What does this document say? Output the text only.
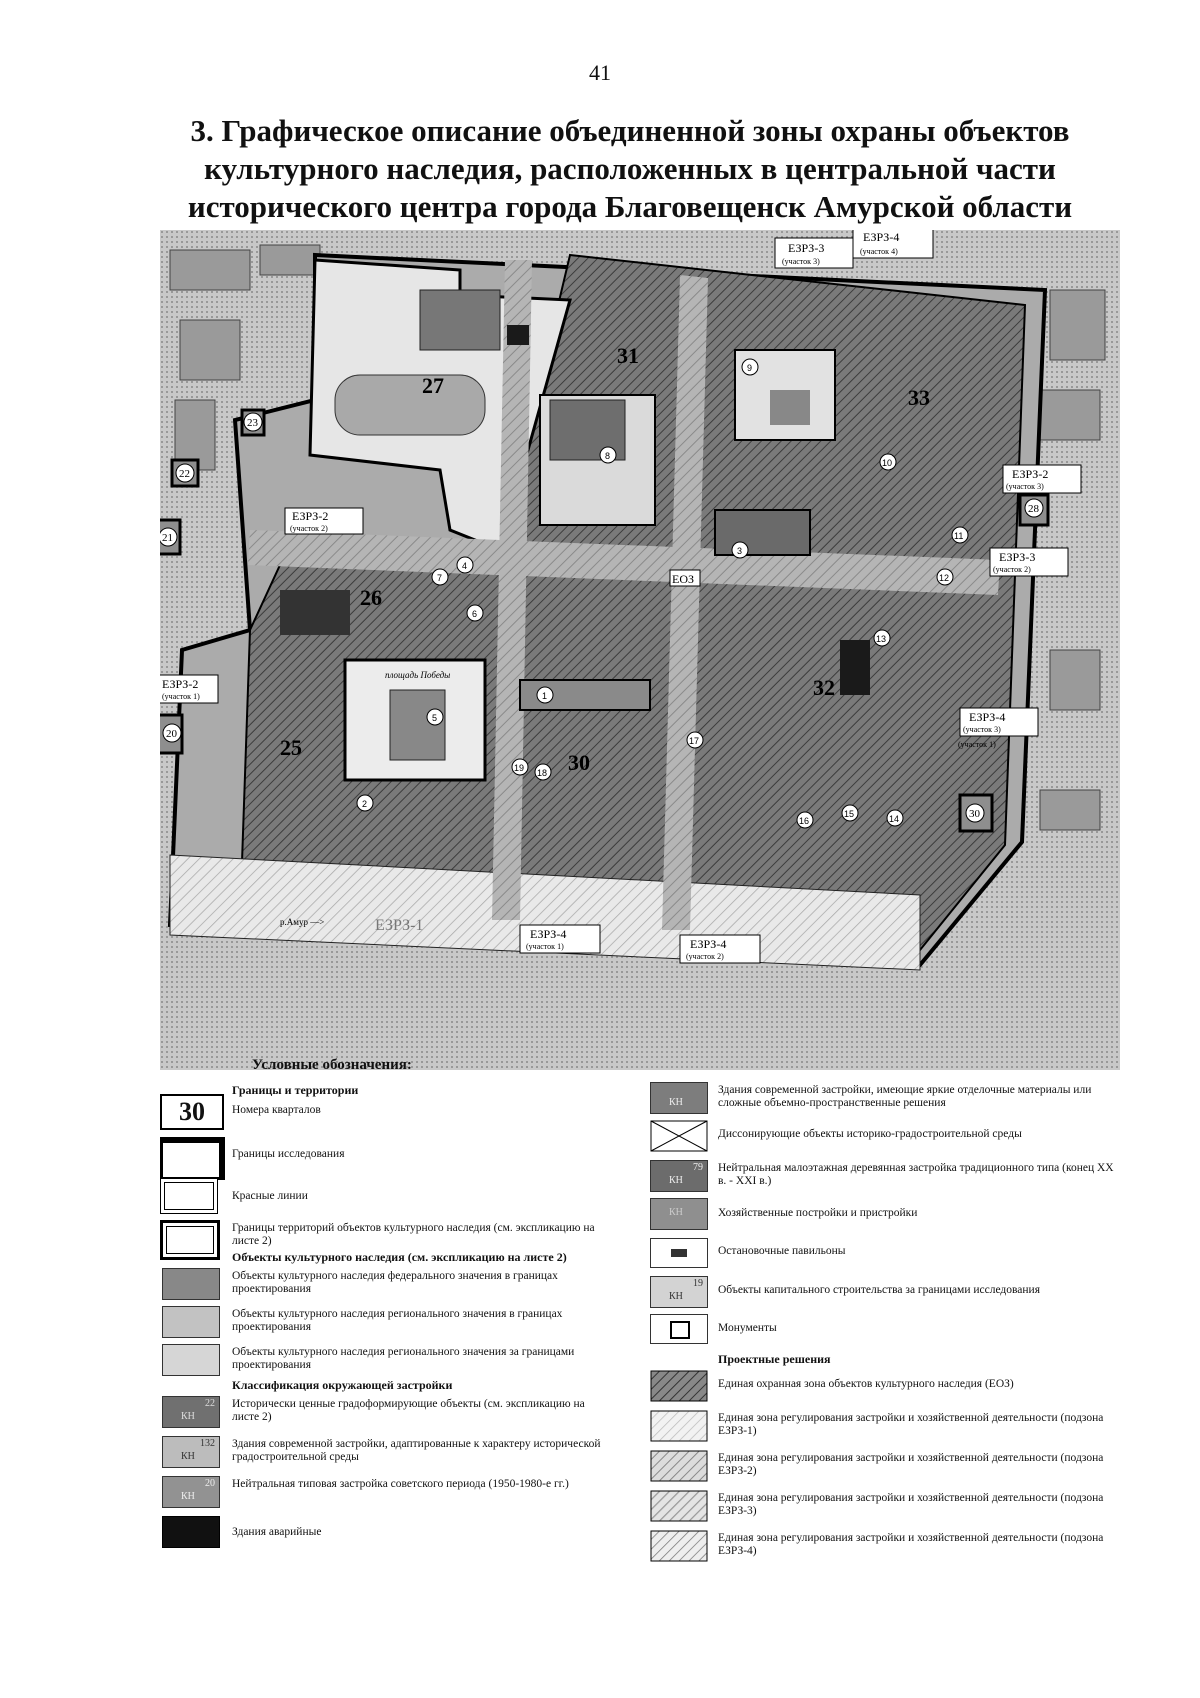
41
3. Графическое описание объединенной зоны охраны объектов
культурного наследия, расположенных в центральной части
исторического центра города Благовещенск Амурской области
27
31
33
26
25
30
32
23
22
21
20
28
30
1
2
3
4
5
6
7
8
9
10
11
12
13
14
15
16
17
18
19
ЕЗРЗ-4
(участок 4)
ЕЗРЗ-3
(участок 3)
ЕЗРЗ-2
(участок 3)
ЕЗРЗ-3
(участок 2)
ЕЗРЗ-4
(участок 3)
(участок 1)
ЕЗРЗ-2
(участок 2)
ЕЗРЗ-2
(участок 1)
ЕОЗ
ЕЗРЗ-1
р.Амур —>
ЕЗРЗ-4
(участок 1)	ЕЗРЗ-4
(участок 2)
площадь Победы
Условные обозначения:
Границы и территории
30	Номера кварталов
Границы исследования
Красные линии
Границы территорий объектов культурного наследия (см. экспликацию на листе 2)
Объекты культурного наследия (см. экспликацию на листе 2)
Объекты культурного наследия федерального значения в границах проектирования
Объекты культурного наследия регионального значения в границах проектирования
Объекты культурного наследия регионального значения за границами проектирования
Классификация окружающей застройки
22
КН
Исторически ценные градоформирующие объекты (см. экспликацию на листе 2)
132
КН
Здания современной застройки, адаптированные к характеру исторической градостроительной среды
20
КН
Нейтральная типовая застройка советского периода (1950-1980-е гг.)
Здания аварийные
КН
Здания современной застройки, имеющие яркие отделочные материалы или сложные объемно-пространственные решения
Диссонирующие объекты историко-градостроительной среды
79
КН
Нейтральная малоэтажная деревянная застройка традиционного типа (конец XX в. - XXI в.)
КН	Хозяйственные постройки и пристройки
Остановочные павильоны
19
КН
Объекты капитального строительства за границами исследования
Монументы
Проектные решения
Единая охранная зона объектов культурного наследия (ЕОЗ)
Единая зона регулирования застройки и хозяйственной деятельности (подзона ЕЗРЗ-1)
Единая зона регулирования застройки и хозяйственной деятельности (подзона ЕЗРЗ-2)
Единая зона регулирования застройки и хозяйственной деятельности (подзона ЕЗРЗ-3)
Единая зона регулирования застройки и хозяйственной деятельности (подзона ЕЗРЗ-4)
